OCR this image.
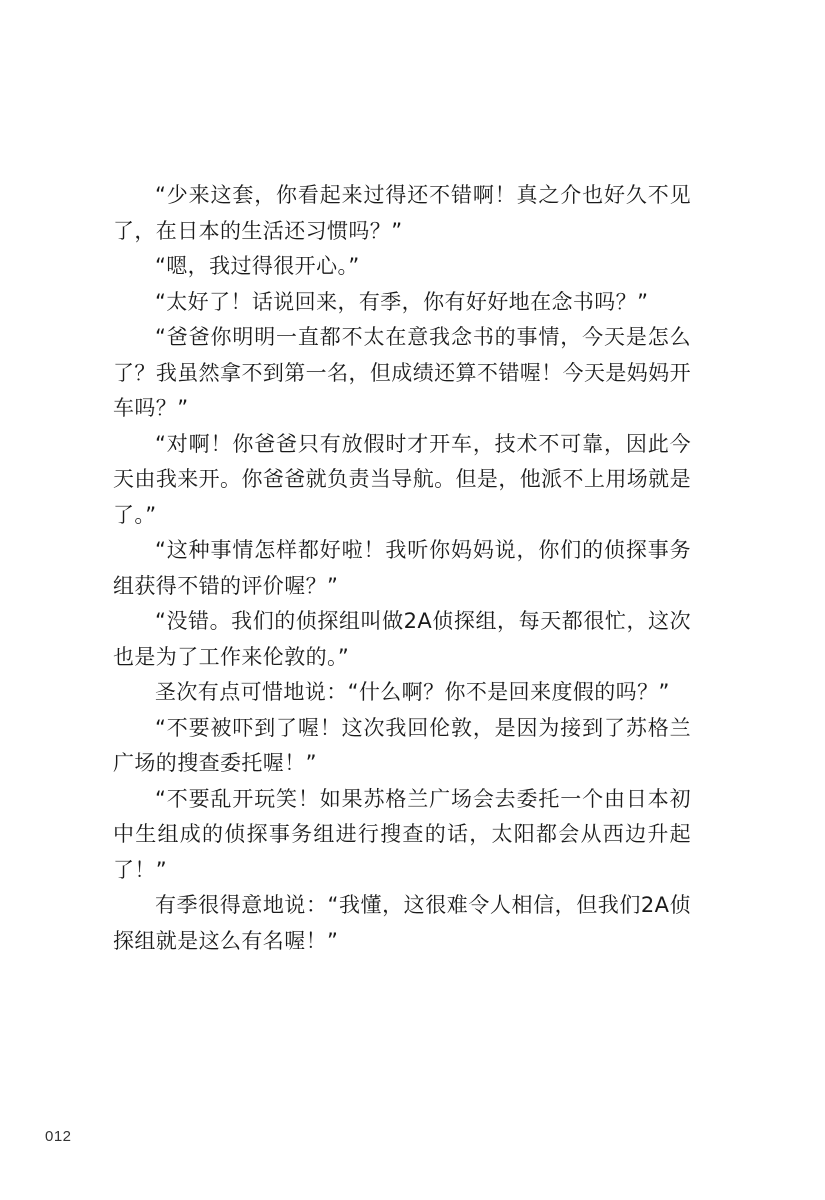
“少来这套，你看起来过得还不错啊！真之介也好久不见了，在日本的生活还习惯吗？”

“嗯，我过得很开心。”

“太好了！话说回来，有季，你有好好地在念书吗？”

“爸爸你明明一直都不太在意我念书的事情，今天是怎么了？我虽然拿不到第一名，但成绩还算不错喔！今天是妈妈开车吗？”

“对啊！你爸爸只有放假时才开车，技术不可靠，因此今天由我来开。你爸爸就负责当导航。但是，他派不上用场就是了。”

“这种事情怎样都好啦！我听你妈妈说，你们的侦探事务组获得不错的评价喔？”

“没错。我们的侦探组叫做2A侦探组，每天都很忙，这次也是为了工作来伦敦的。”

圣次有点可惜地说：“什么啊？你不是回来度假的吗？”

“不要被吓到了喔！这次我回伦敦，是因为接到了苏格兰广场的搜查委托喔！”

“不要乱开玩笑！如果苏格兰广场会去委托一个由日本初中生组成的侦探事务组进行搜查的话，太阳都会从西边升起了！”

有季很得意地说：“我懂，这很难令人相信，但我们2A侦探组就是这么有名喔！”

012
